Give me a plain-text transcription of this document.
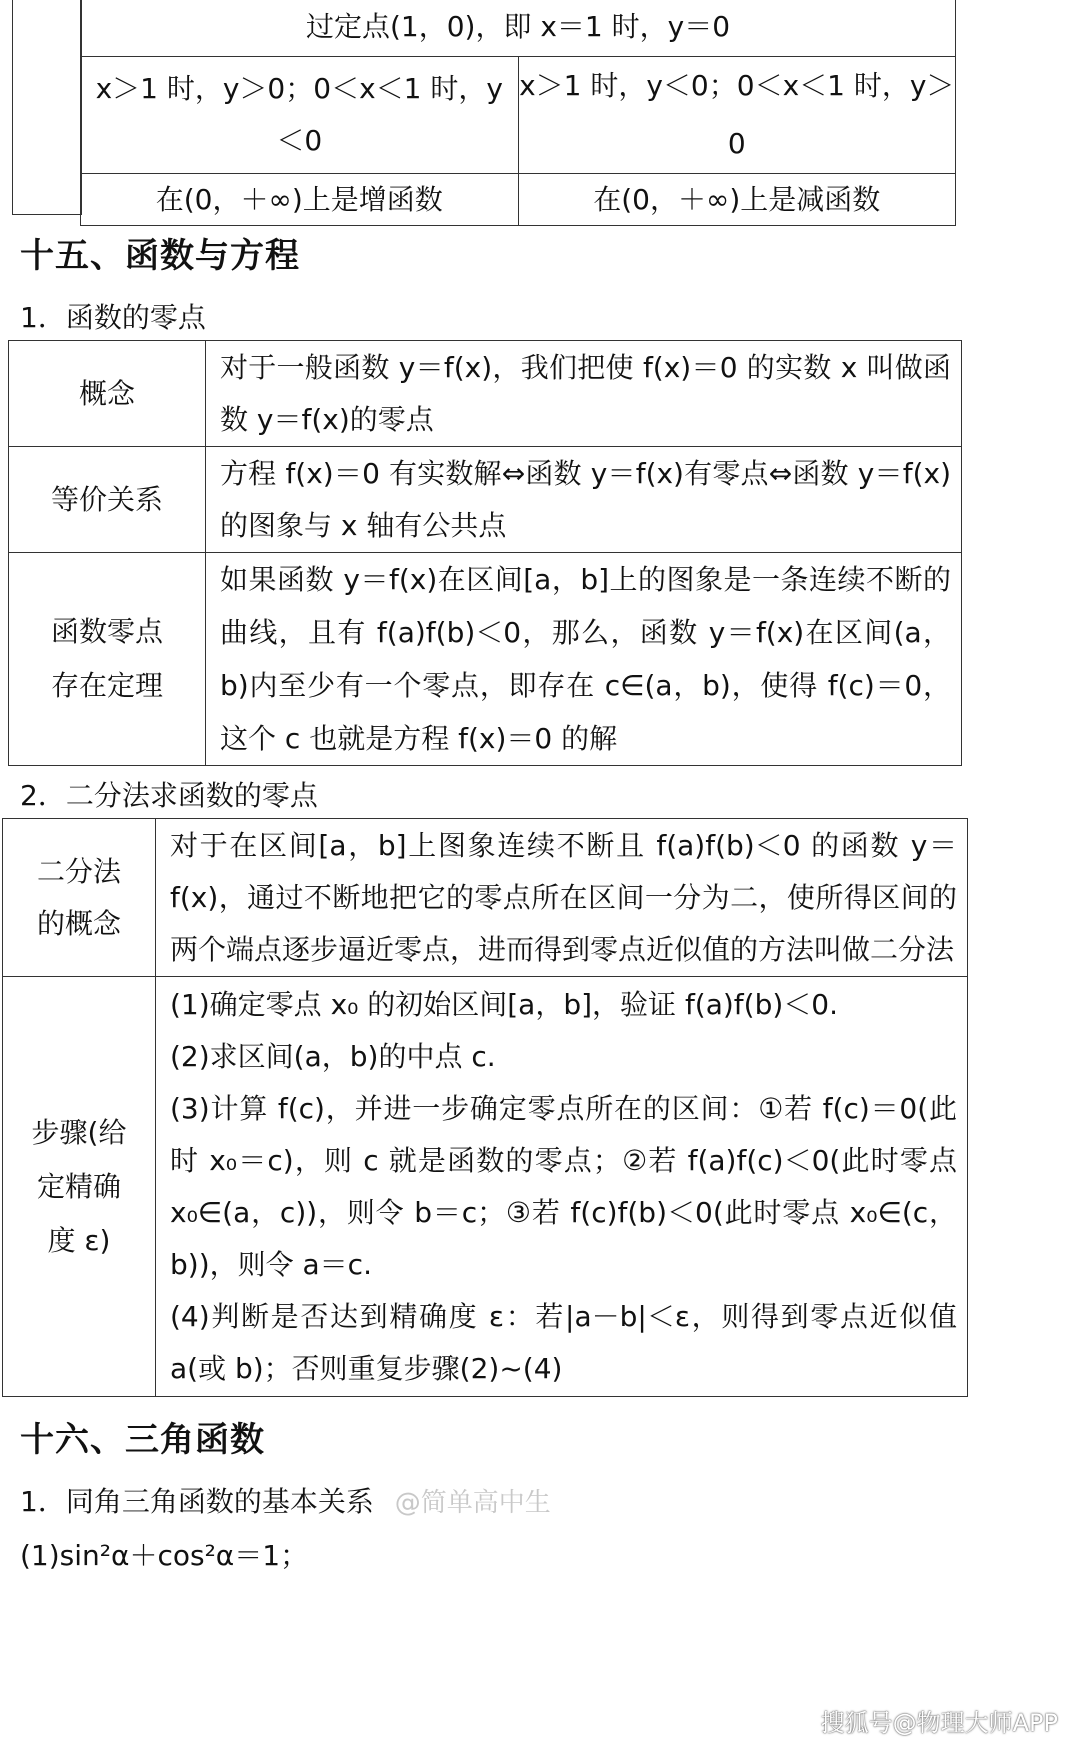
过定点(1，0)，即 x＝1 时，y＝0	

x＞1 时，y＞0；0＜x＜1 时，y＜0	x＞1 时，y＜0；0＜x＜1 时，y＞0
在(0，＋∞)上是增函数	在(0，＋∞)上是减函数
十五、函数与方程
1．函数的零点
概念	对于一般函数 y＝f(x)，我们把使 f(x)＝0 的实数 x 叫做函数 y＝f(x)的零点
等价关系	方程 f(x)＝0 有实数解⇔函数 y＝f(x)有零点⇔函数 y＝f(x)的图象与 x 轴有公共点

函数零点存在定理	如果函数 y＝f(x)在区间[a，b]上的图象是一条连续不断的曲线，且有 f(a)f(b)＜0，那么，函数 y＝f(x)在区间(a，b)内至少有一个零点，即存在 c∈(a，b)，使得 f(c)＝0，这个 c 也就是方程 f(x)＝0 的解
2．二分法求函数的零点
二分法的概念	对于在区间[a，b]上图象连续不断且 f(a)f(b)＜0 的函数 y＝f(x)，通过不断地把它的零点所在区间一分为二，使所得区间的两个端点逐步逼近零点，进而得到零点近似值的方法叫做二分法

步骤(给定精确度 ε)	(1)确定零点 x₀ 的初始区间[a，b]，验证 f(a)f(b)＜0.
(2)求区间(a，b)的中点 c.
(3)计算 f(c)，并进一步确定零点所在的区间：①若 f(c)＝0(此时 x₀＝c)，则 c 就是函数的零点；②若 f(a)f(c)＜0(此时零点 x₀∈(a，c))，则令 b＝c；③若 f(c)f(b)＜0(此时零点 x₀∈(c，b))，则令 a＝c.
(4)判断是否达到精确度 ε：若|a－b|＜ε，则得到零点近似值 a(或 b)；否则重复步骤(2)~(4)
十六、三角函数
1．同角三角函数的基本关系 @简单高中生
(1)sin²α＋cos²α＝1；
搜狐号@物理大师APP
